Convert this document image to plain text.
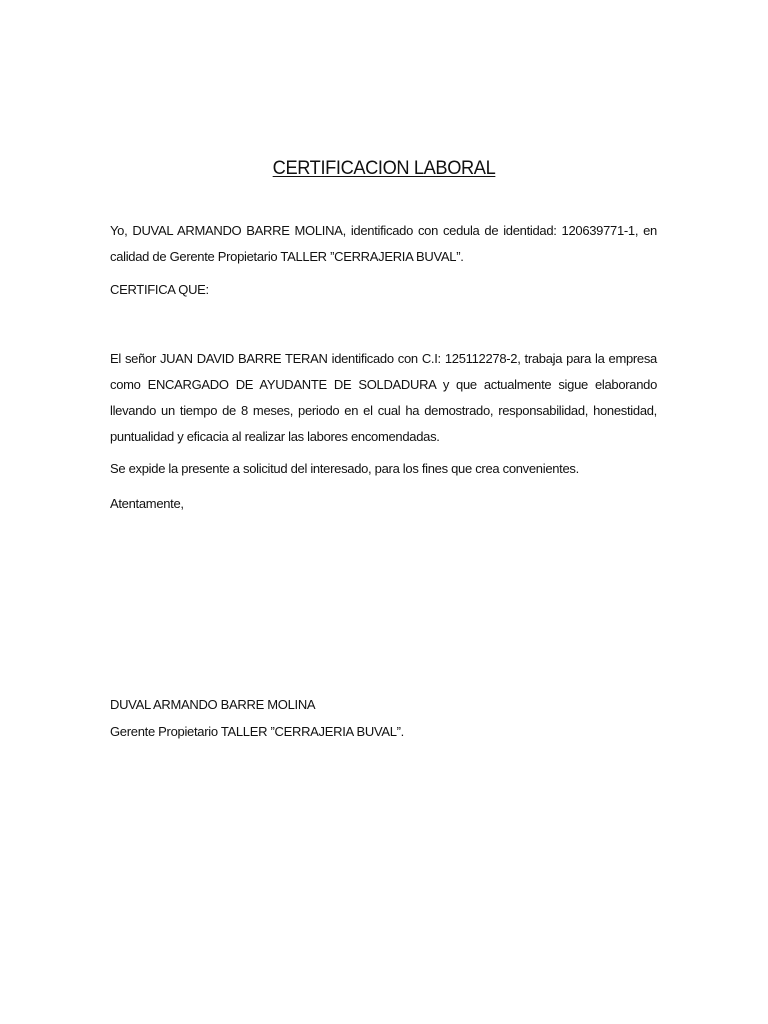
CERTIFICACION LABORAL

Yo, DUVAL ARMANDO BARRE MOLINA, identificado con cedula de identidad: 120639771-1, en calidad de Gerente Propietario TALLER ”CERRAJERIA BUVAL”.

CERTIFICA QUE:

El señor JUAN DAVID BARRE TERAN identificado con C.I: 125112278-2, trabaja para la empresa como ENCARGADO DE AYUDANTE DE SOLDADURA y que actualmente sigue elaborando llevando un tiempo de 8 meses, periodo en el cual ha demostrado, responsabilidad, honestidad, puntualidad y eficacia al realizar las labores encomendadas.

Se expide la presente a solicitud del interesado, para los fines que crea convenientes.

Atentamente,

DUVAL ARMANDO BARRE MOLINA

Gerente Propietario TALLER ”CERRAJERIA BUVAL”.
